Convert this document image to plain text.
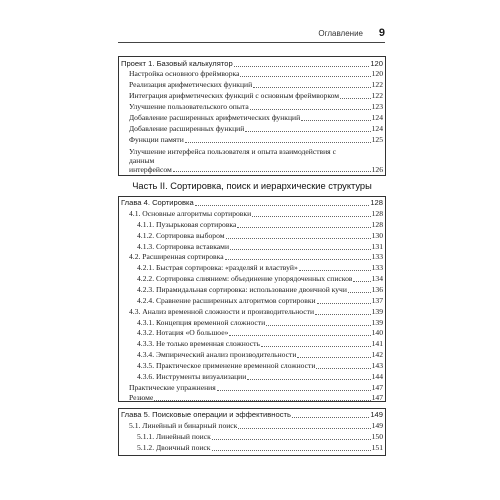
Оглавление 9
Проект 1. Базовый калькулятор	120
Настройка основного фреймворка	120
Реализация арифметических функций	122
Интеграция арифметических функций с основным фреймворком	122
Улучшение пользовательского опыта	123
Добавление расширенных арифметических функций	124
Добавление расширенных функций	124
Функции памяти	125
Улучшение интерфейса пользователя и опыта взаимодействия с данным
интерфейсом	126
Часть II. Сортировка, поиск и иерархические структуры
Глава 4. Сортировка	128
4.1. Основные алгоритмы сортировки	128
4.1.1. Пузырьковая сортировка	128
4.1.2. Сортировка выбором	130
4.1.3. Сортировка вставками	131
4.2. Расширенная сортировка	133
4.2.1. Быстрая сортировка: «разделяй и властвуй»	133
4.2.2. Сортировка слиянием: объединение упорядоченных списков	134
4.2.3. Пирамидальная сортировка: использование двоичной кучи	136
4.2.4. Сравнение расширенных алгоритмов сортировки	137
4.3. Анализ временной сложности и производительности	139
4.3.1. Концепция временной сложности	139
4.3.2. Нотация «О большое»	140
4.3.3. Не только временная сложность	141
4.3.4. Эмпирический анализ производительности	142
4.3.5. Практическое применение временной сложности	143
4.3.6. Инструменты визуализации	144
Практические упражнения	147
Резюме	147
Глава 5. Поисковые операции и эффективность	149
5.1. Линейный и бинарный поиск	149
5.1.1. Линейный поиск	150
5.1.2. Двоичный поиск	151
